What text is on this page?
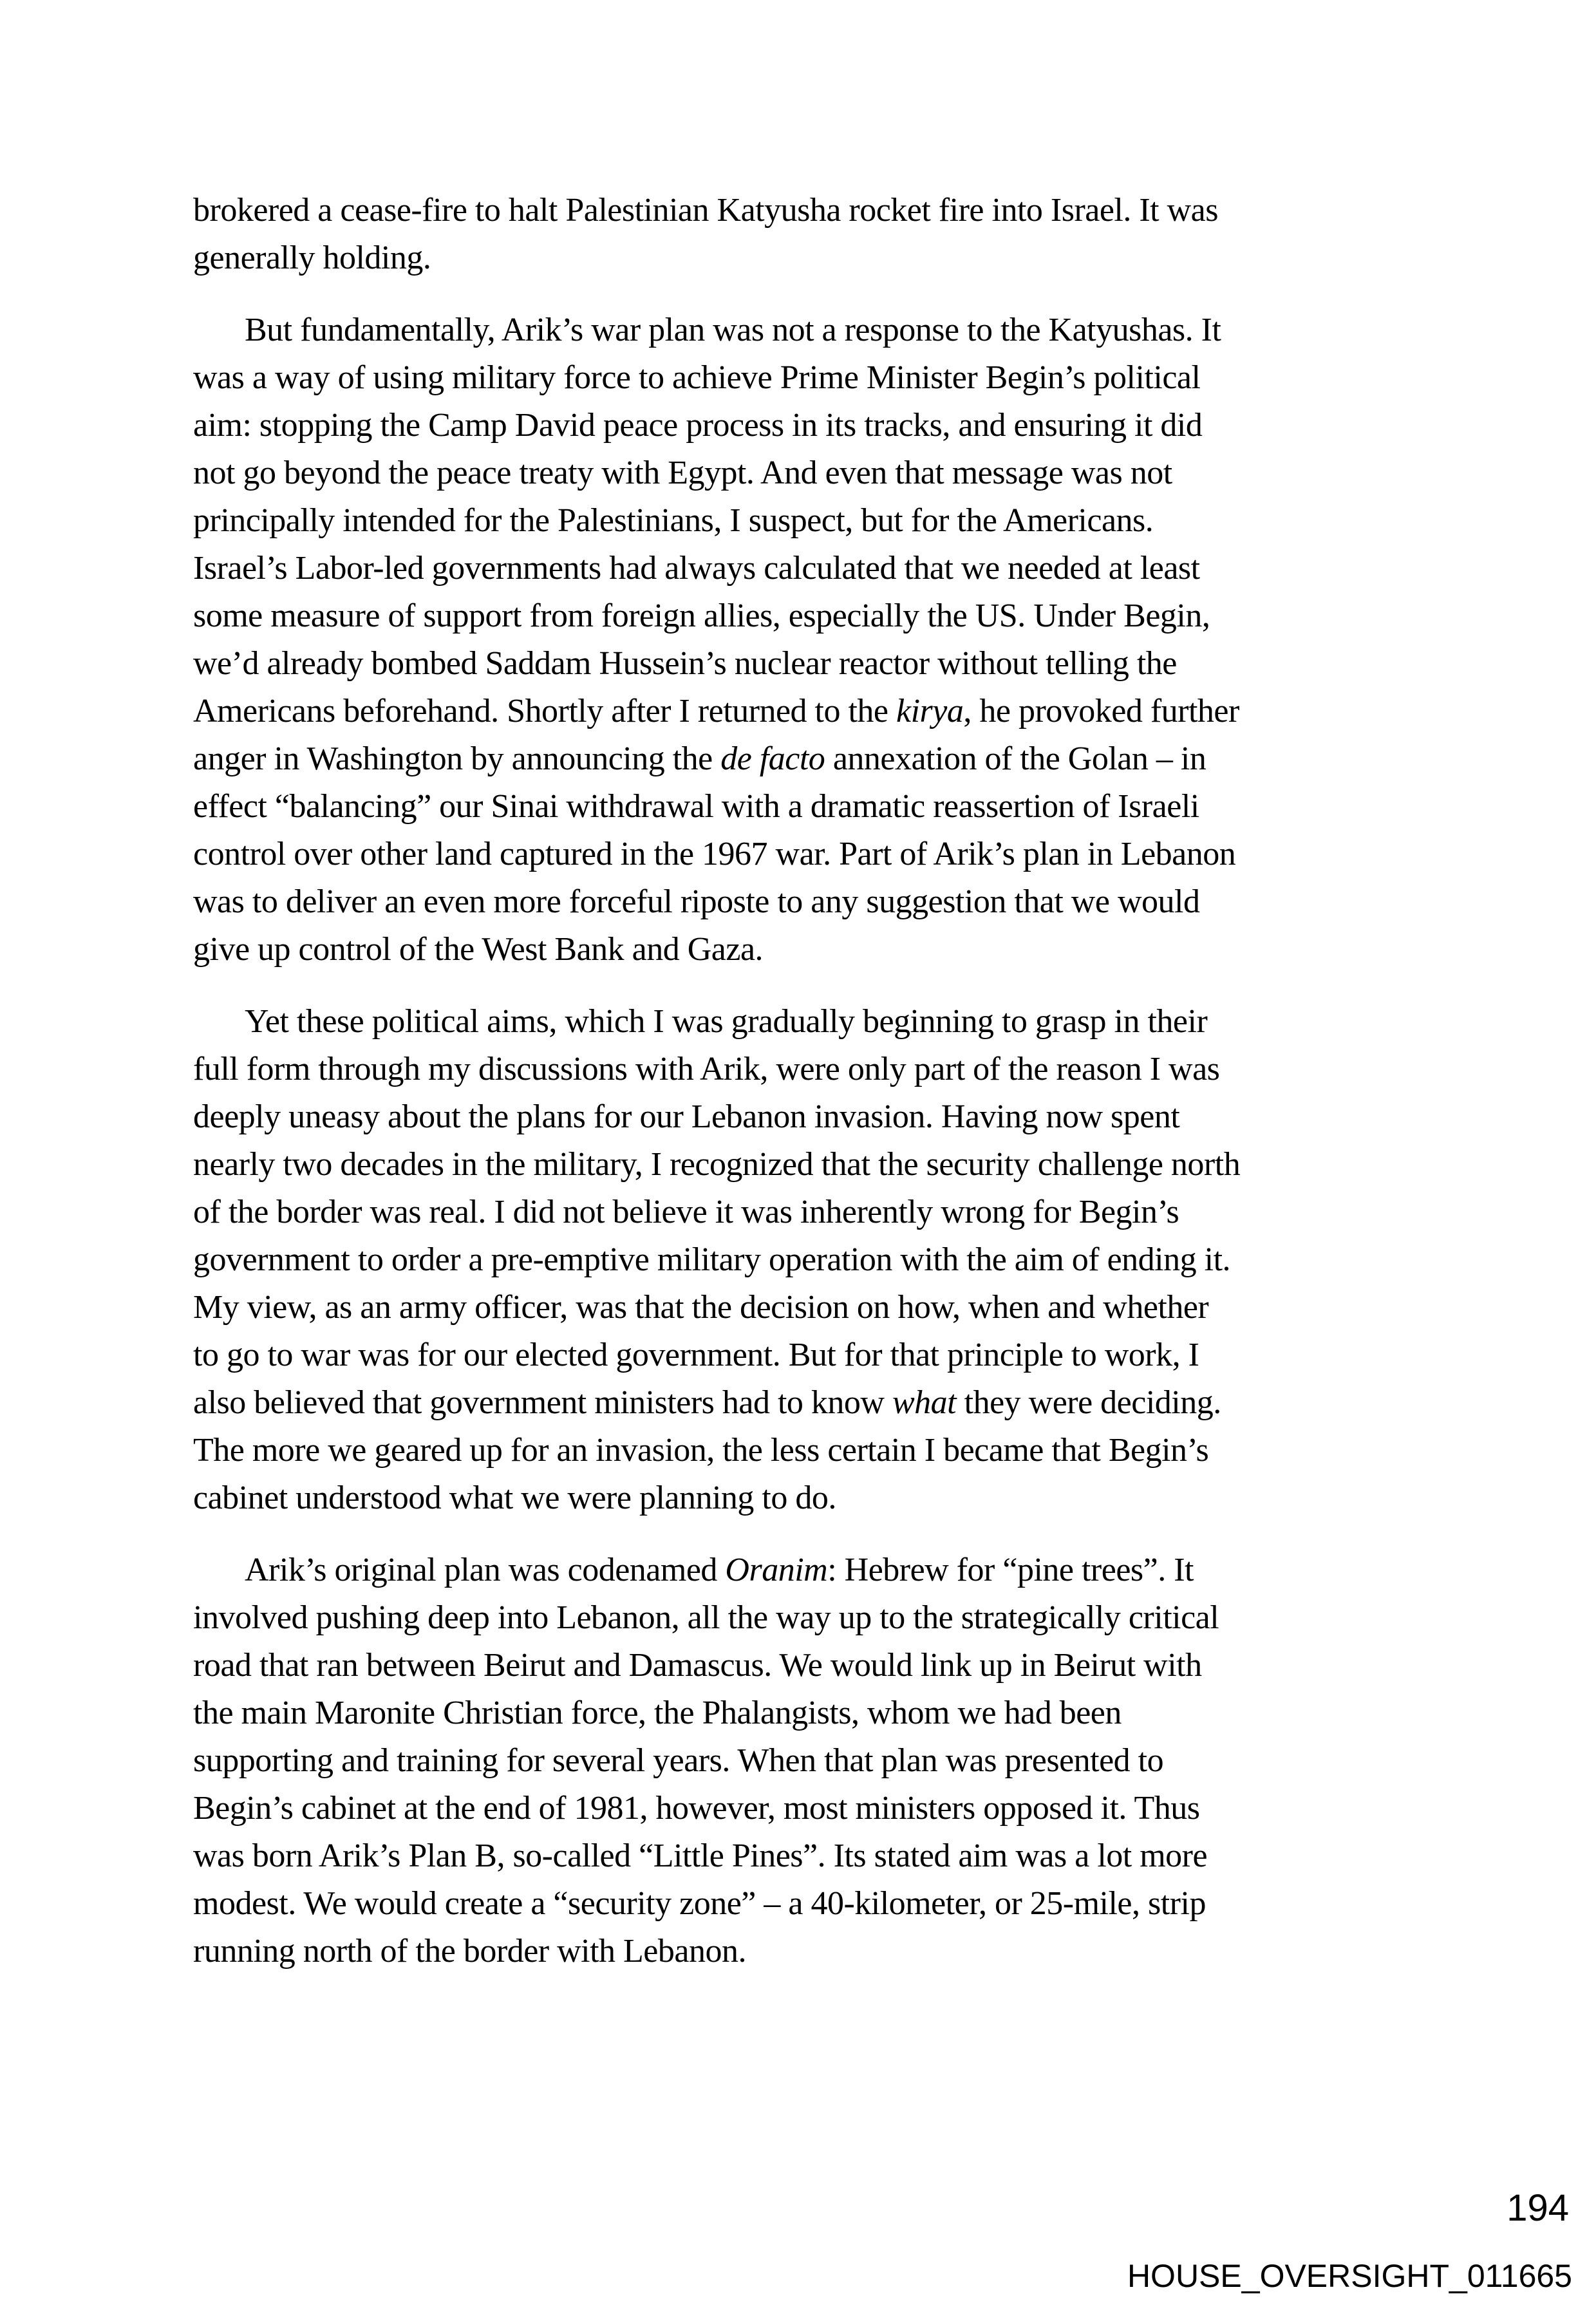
brokered a cease-fire to halt Palestinian Katyusha rocket fire into Israel. It was
generally holding.

But fundamentally, Arik’s war plan was not a response to the Katyushas. It
was a way of using military force to achieve Prime Minister Begin’s political
aim: stopping the Camp David peace process in its tracks, and ensuring it did
not go beyond the peace treaty with Egypt. And even that message was not
principally intended for the Palestinians, I suspect, but for the Americans.
Israel’s Labor-led governments had always calculated that we needed at least
some measure of support from foreign allies, especially the US. Under Begin,
we’d already bombed Saddam Hussein’s nuclear reactor without telling the
Americans beforehand. Shortly after I returned to the kirya, he provoked further
anger in Washington by announcing the de facto annexation of the Golan – in
effect “balancing” our Sinai withdrawal with a dramatic reassertion of Israeli
control over other land captured in the 1967 war. Part of Arik’s plan in Lebanon
was to deliver an even more forceful riposte to any suggestion that we would
give up control of the West Bank and Gaza.

Yet these political aims, which I was gradually beginning to grasp in their
full form through my discussions with Arik, were only part of the reason I was
deeply uneasy about the plans for our Lebanon invasion. Having now spent
nearly two decades in the military, I recognized that the security challenge north
of the border was real. I did not believe it was inherently wrong for Begin’s
government to order a pre-emptive military operation with the aim of ending it.
My view, as an army officer, was that the decision on how, when and whether
to go to war was for our elected government. But for that principle to work, I
also believed that government ministers had to know what they were deciding.
The more we geared up for an invasion, the less certain I became that Begin’s
cabinet understood what we were planning to do.

Arik’s original plan was codenamed Oranim: Hebrew for “pine trees”. It
involved pushing deep into Lebanon, all the way up to the strategically critical
road that ran between Beirut and Damascus. We would link up in Beirut with
the main Maronite Christian force, the Phalangists, whom we had been
supporting and training for several years. When that plan was presented to
Begin’s cabinet at the end of 1981, however, most ministers opposed it. Thus
was born Arik’s Plan B, so-called “Little Pines”. Its stated aim was a lot more
modest. We would create a “security zone” – a 40-kilometer, or 25-mile, strip
running north of the border with Lebanon.

194
HOUSE_OVERSIGHT_011665
